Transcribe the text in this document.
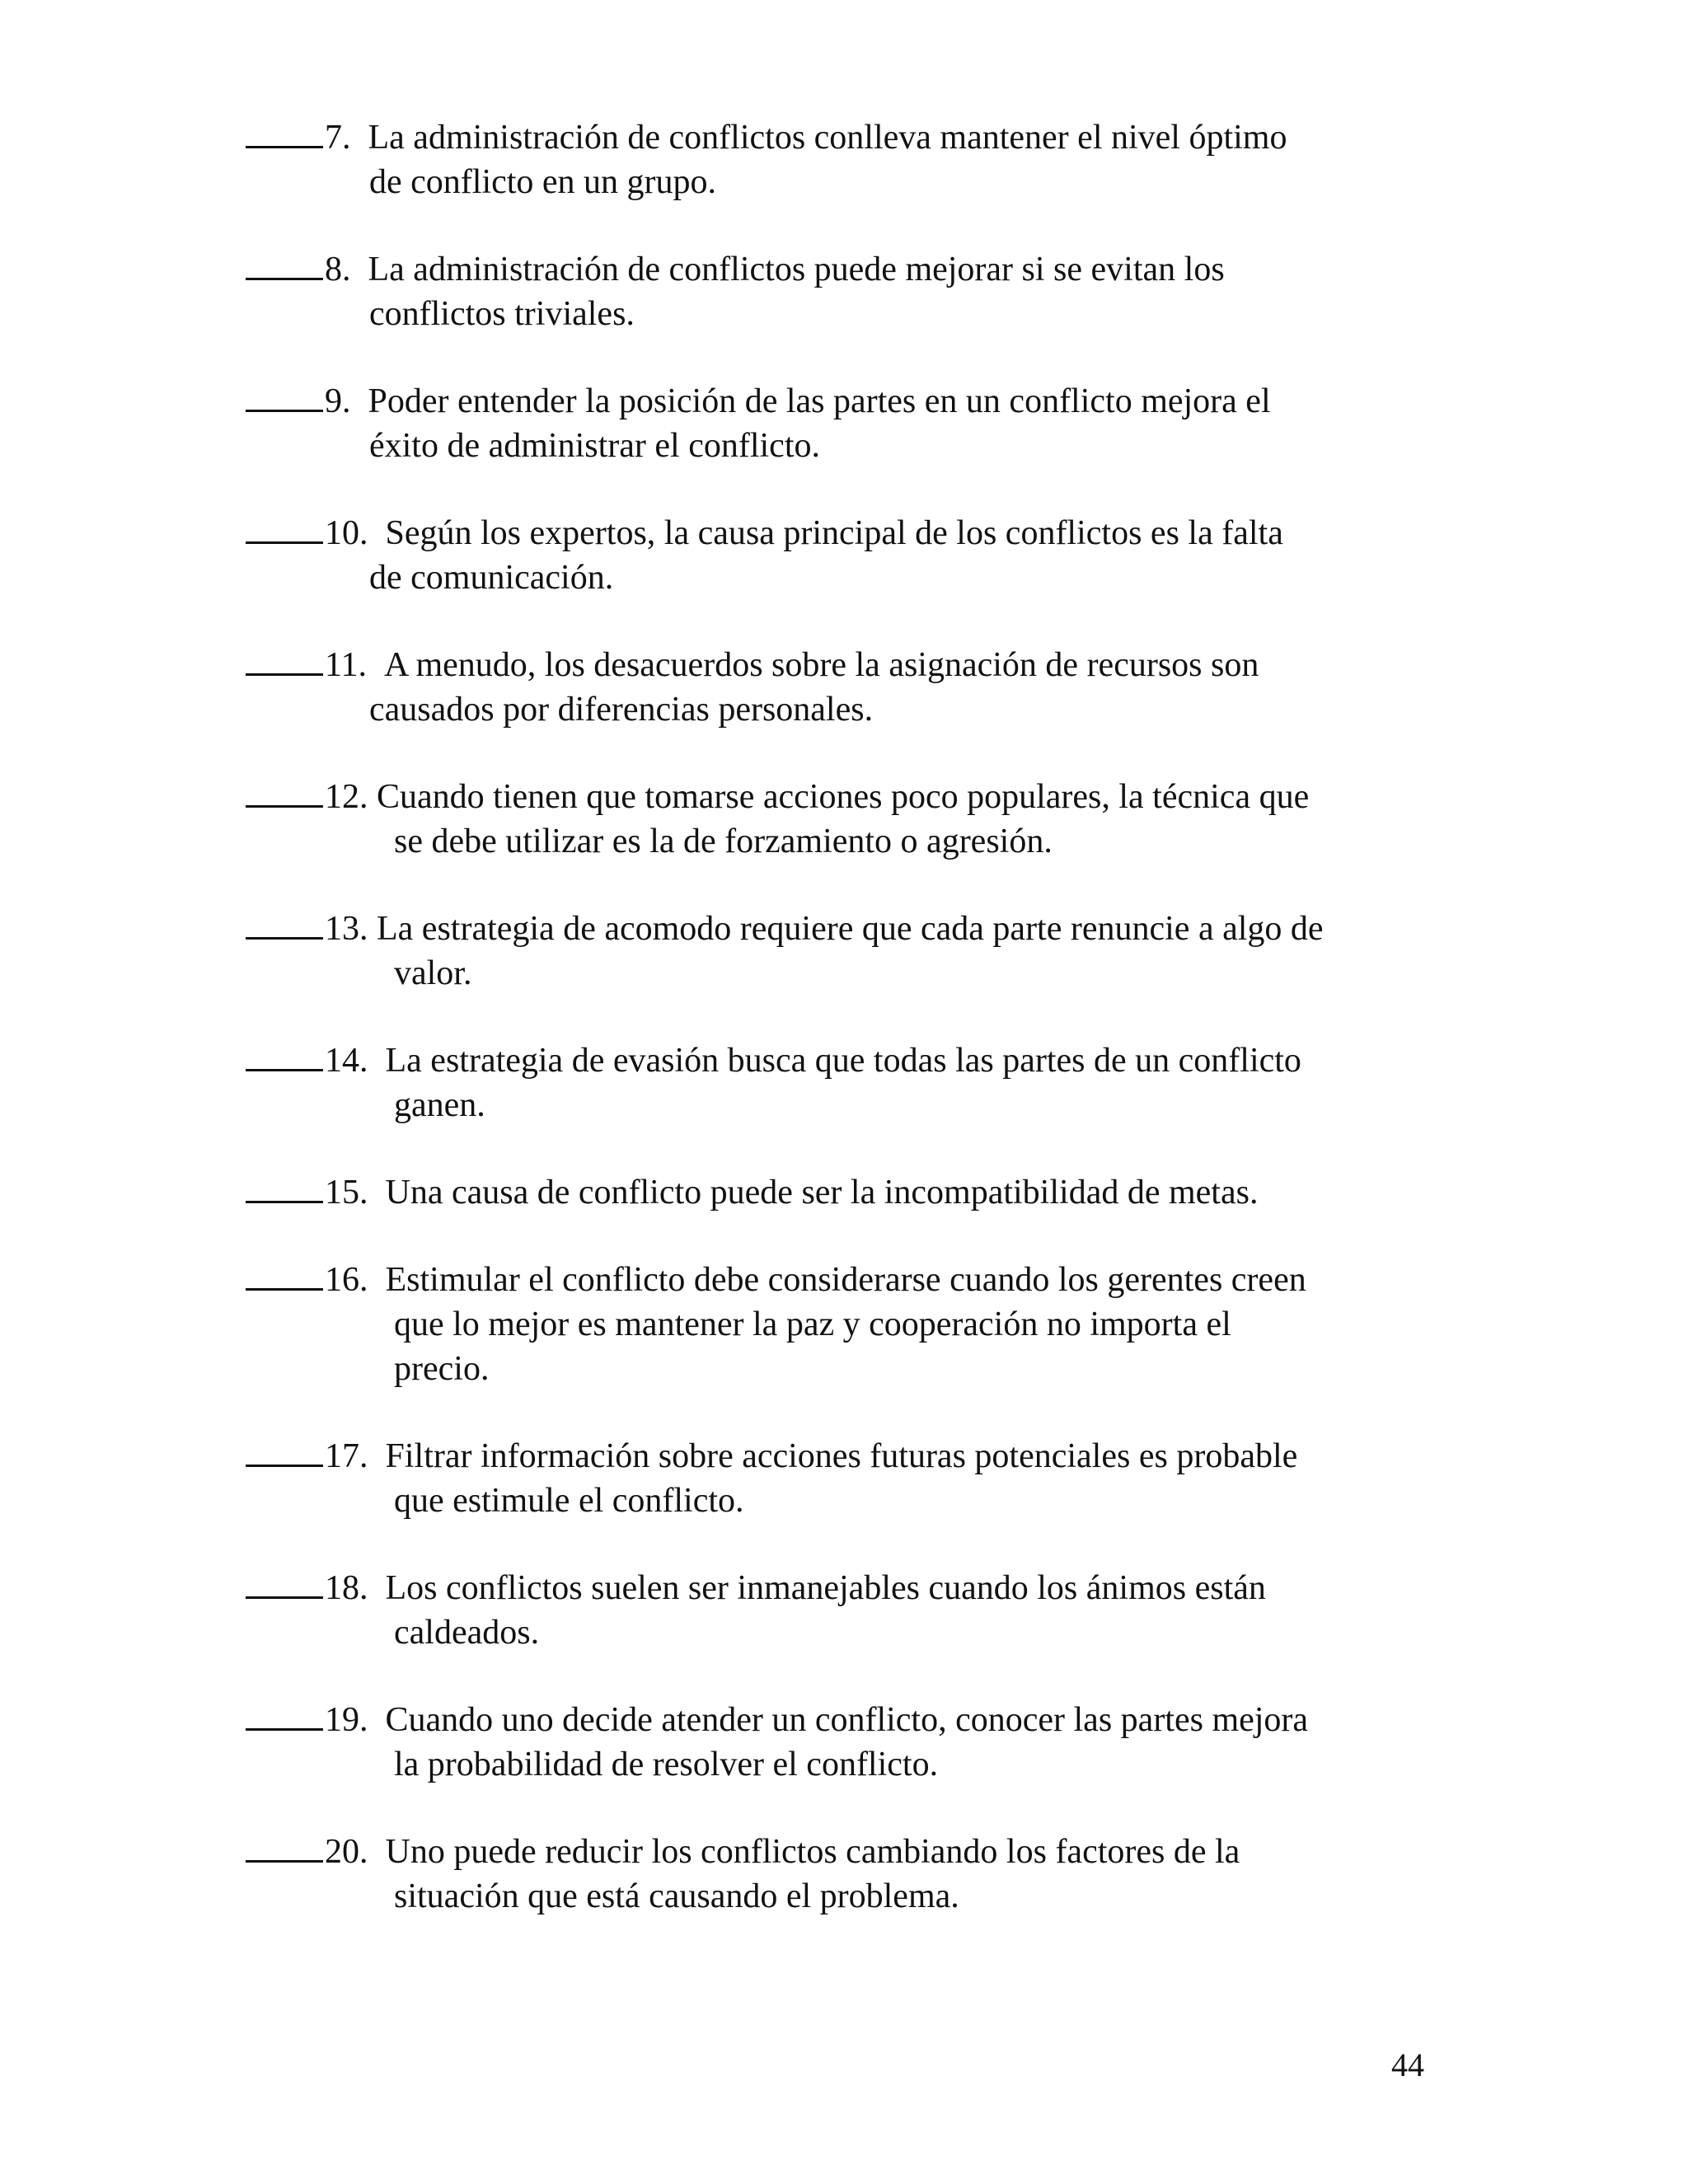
7.
La administración de conflictos conlleva mantener el nivel óptimo
de conflicto en un grupo.
8.
La administración de conflictos puede mejorar si se evitan los
conflictos triviales.
9.
Poder entender la posición de las partes en un conflicto mejora el
éxito de administrar el conflicto.
10.
Según los expertos, la causa principal de los conflictos es la falta
de comunicación.
11.
A menudo, los desacuerdos sobre la asignación de recursos son
causados por diferencias personales.
12.
Cuando tienen que tomarse acciones poco populares, la técnica que
se debe utilizar es la de forzamiento o agresión.
13.
La estrategia de acomodo requiere que cada parte renuncie a algo de
valor.
14.
La estrategia de evasión busca que todas las partes de un conflicto
ganen.
15.
Una causa de conflicto puede ser la incompatibilidad de metas.
16.
Estimular el conflicto debe considerarse cuando los gerentes creen
que lo mejor es mantener la paz y cooperación no importa el
precio.
17.
Filtrar información sobre acciones futuras potenciales es probable
que estimule el conflicto.
18.
Los conflictos suelen ser inmanejables cuando los ánimos están
caldeados.
19.
Cuando uno decide atender un conflicto, conocer las partes mejora
la probabilidad de resolver el conflicto.
20.
Uno puede reducir los conflictos cambiando los factores de la
situación que está causando el problema.
44
